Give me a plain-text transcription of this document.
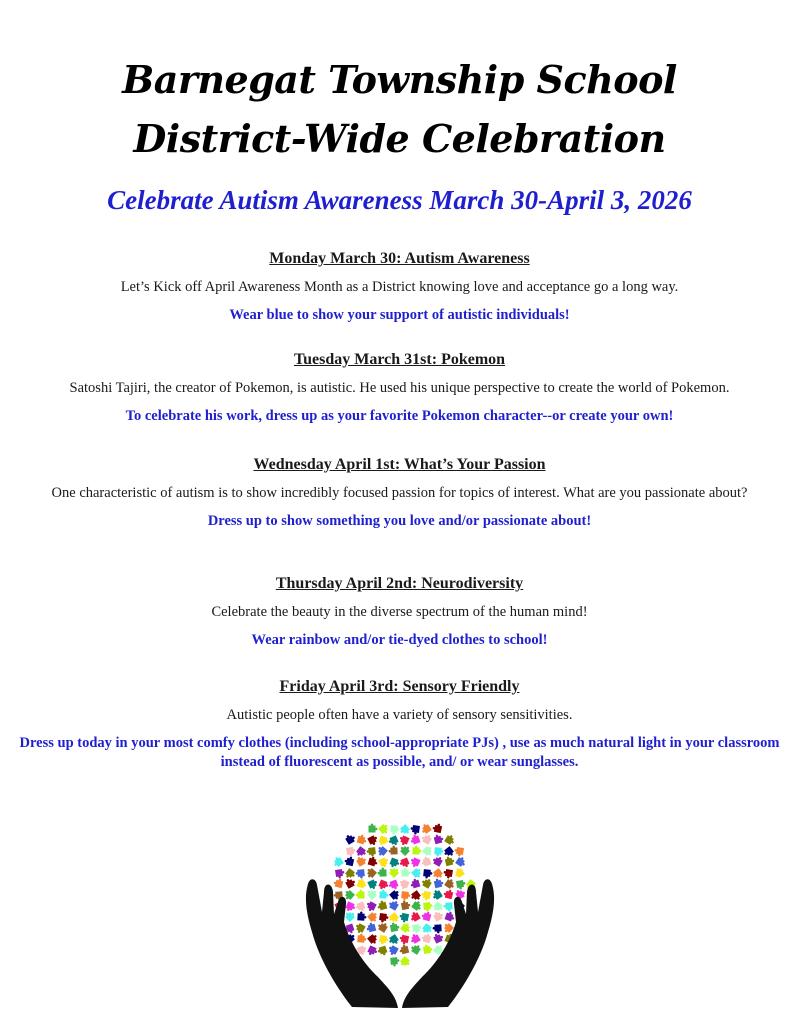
Barnegat Township School
District-Wide Celebration
Celebrate Autism Awareness March 30-April 3, 2026

Monday March 30: Autism Awareness

Let’s Kick off April Awareness Month as a District knowing love and acceptance go a long way.

Wear blue to show your support of autistic individuals!

Tuesday March 31st: Pokemon

Satoshi Tajiri, the creator of Pokemon, is autistic. He used his unique perspective to create the world of Pokemon.

To celebrate his work, dress up as your favorite Pokemon character--or create your own!

Wednesday April 1st: What’s Your Passion

One characteristic of autism is to show incredibly focused passion for topics of interest. What are you passionate about?

Dress up to show something you love and/or passionate about!

Thursday April 2nd: Neurodiversity

Celebrate the beauty in the diverse spectrum of the human mind!

Wear rainbow and/or tie-dyed clothes to school!

Friday April 3rd: Sensory Friendly

Autistic people often have a variety of sensory sensitivities.

Dress up today in your most comfy clothes (including school-appropriate PJs) , use as much natural light in your classroom instead of fluorescent as possible, and/ or wear sunglasses.
